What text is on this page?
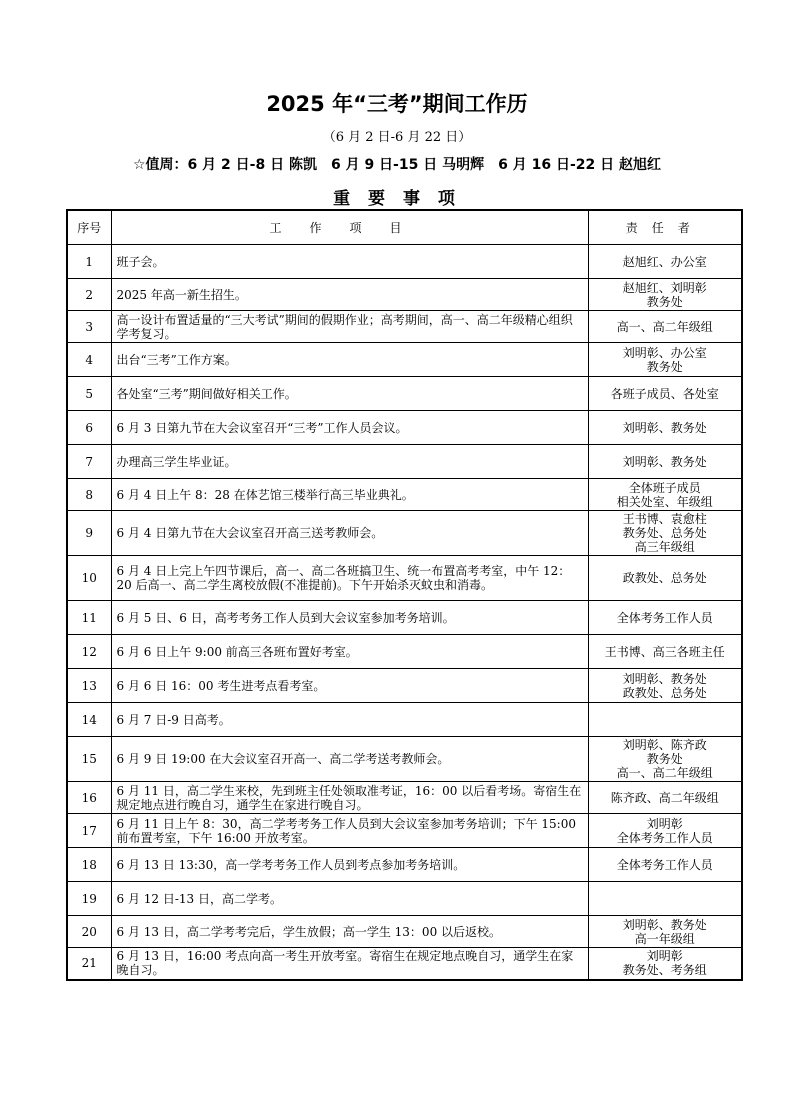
2025 年“三考”期间工作历
（6 月 2 日-6 月 22 日）
☆值周：6 月 2 日-8 日 陈凯　6 月 9 日-15 日 马明辉　6 月 16 日-22 日 赵旭红
重 要 事 项
序号	工作项目	责任者
1	班子会。	赵旭红、办公室
2	2025 年高一新生招生。	赵旭红、刘明彰
教务处
3	高一设计布置适量的“三大考试”期间的假期作业；高考期间，高一、高二年级精心组织学考复习。	高一、高二年级组
4	出台“三考”工作方案。	刘明彰、办公室
教务处
5	各处室“三考”期间做好相关工作。	各班子成员、各处室
6	6 月 3 日第九节在大会议室召开“三考”工作人员会议。	刘明彰、教务处
7	办理高三学生毕业证。	刘明彰、教务处
8	6 月 4 日上午 8：28 在体艺馆三楼举行高三毕业典礼。	全体班子成员
相关处室、年级组
9	6 月 4 日第九节在大会议室召开高三送考教师会。	王书博、袁愈柱
教务处、总务处
高三年级组
10	6 月 4 日上完上午四节课后，高一、高二各班搞卫生、统一布置高考考室，中午 12：20 后高一、高二学生离校放假(不准提前)。下午开始杀灭蚊虫和消毒。	政教处、总务处
11	6 月 5 日、6 日，高考考务工作人员到大会议室参加考务培训。	全体考务工作人员
12	6 月 6 日上午 9:00 前高三各班布置好考室。	王书博、高三各班主任
13	6 月 6 日 16：00 考生进考点看考室。	刘明彰、教务处
政教处、总务处
14	6 月 7 日-9 日高考。	
15	6 月 9 日 19:00 在大会议室召开高一、高二学考送考教师会。	刘明彰、陈齐政
教务处
高一、高二年级组
16	6 月 11 日，高二学生来校，先到班主任处领取准考证，16：00 以后看考场。寄宿生在规定地点进行晚自习，通学生在家进行晚自习。	陈齐政、高二年级组
17	6 月 11 日上午 8：30，高二学考考务工作人员到大会议室参加考务培训；下午 15:00 前布置考室，下午 16:00 开放考室。	刘明彰
全体考务工作人员
18	6 月 13 日 13:30，高一学考考务工作人员到考点参加考务培训。	全体考务工作人员
19	6 月 12 日-13 日，高二学考。	
20	6 月 13 日，高二学考考完后，学生放假；高一学生 13：00 以后返校。	刘明彰、教务处
高一年级组
21	6 月 13 日，16:00 考点向高一考生开放考室。寄宿生在规定地点晚自习，通学生在家晚自习。	刘明彰
教务处、考务组
